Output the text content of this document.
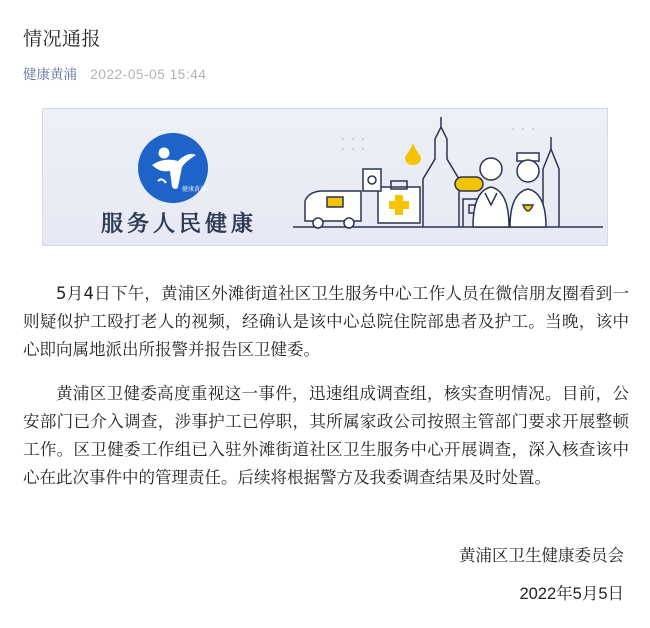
情况通报
健康黄浦 2022-05-05 15:44
健康黄浦
服务人民健康

5月4日下午，黄浦区外滩街道社区卫生服务中心工作人员在微信朋友圈看到一则疑似护工殴打老人的视频，经确认是该中心总院住院部患者及护工。当晚，该中心即向属地派出所报警并报告区卫健委。

黄浦区卫健委高度重视这一事件，迅速组成调查组，核实查明情况。目前，公安部门已介入调查，涉事护工已停职，其所属家政公司按照主管部门要求开展整顿工作。区卫健委工作组已入驻外滩街道社区卫生服务中心开展调查，深入核查该中心在此次事件中的管理责任。后续将根据警方及我委调查结果及时处置。

黄浦区卫生健康委员会
2022年5月5日
